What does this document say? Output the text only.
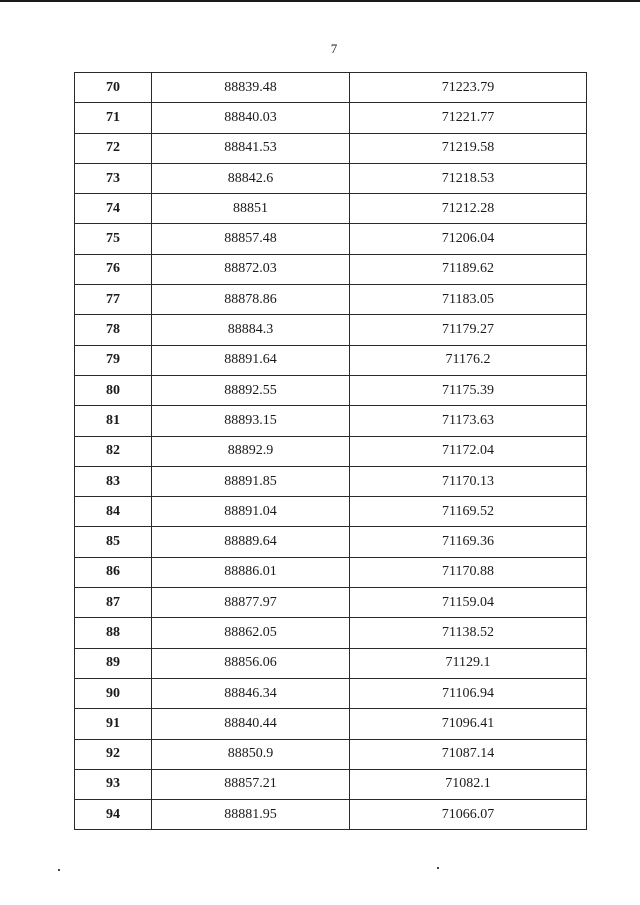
7
70	88839.48	71223.79
71	88840.03	71221.77
72	88841.53	71219.58
73	88842.6	71218.53
74	88851	71212.28
75	88857.48	71206.04
76	88872.03	71189.62
77	88878.86	71183.05
78	88884.3	71179.27
79	88891.64	71176.2
80	88892.55	71175.39
81	88893.15	71173.63
82	88892.9	71172.04
83	88891.85	71170.13
84	88891.04	71169.52
85	88889.64	71169.36
86	88886.01	71170.88
87	88877.97	71159.04
88	88862.05	71138.52
89	88856.06	71129.1
90	88846.34	71106.94
91	88840.44	71096.41
92	88850.9	71087.14
93	88857.21	71082.1
94	88881.95	71066.07
